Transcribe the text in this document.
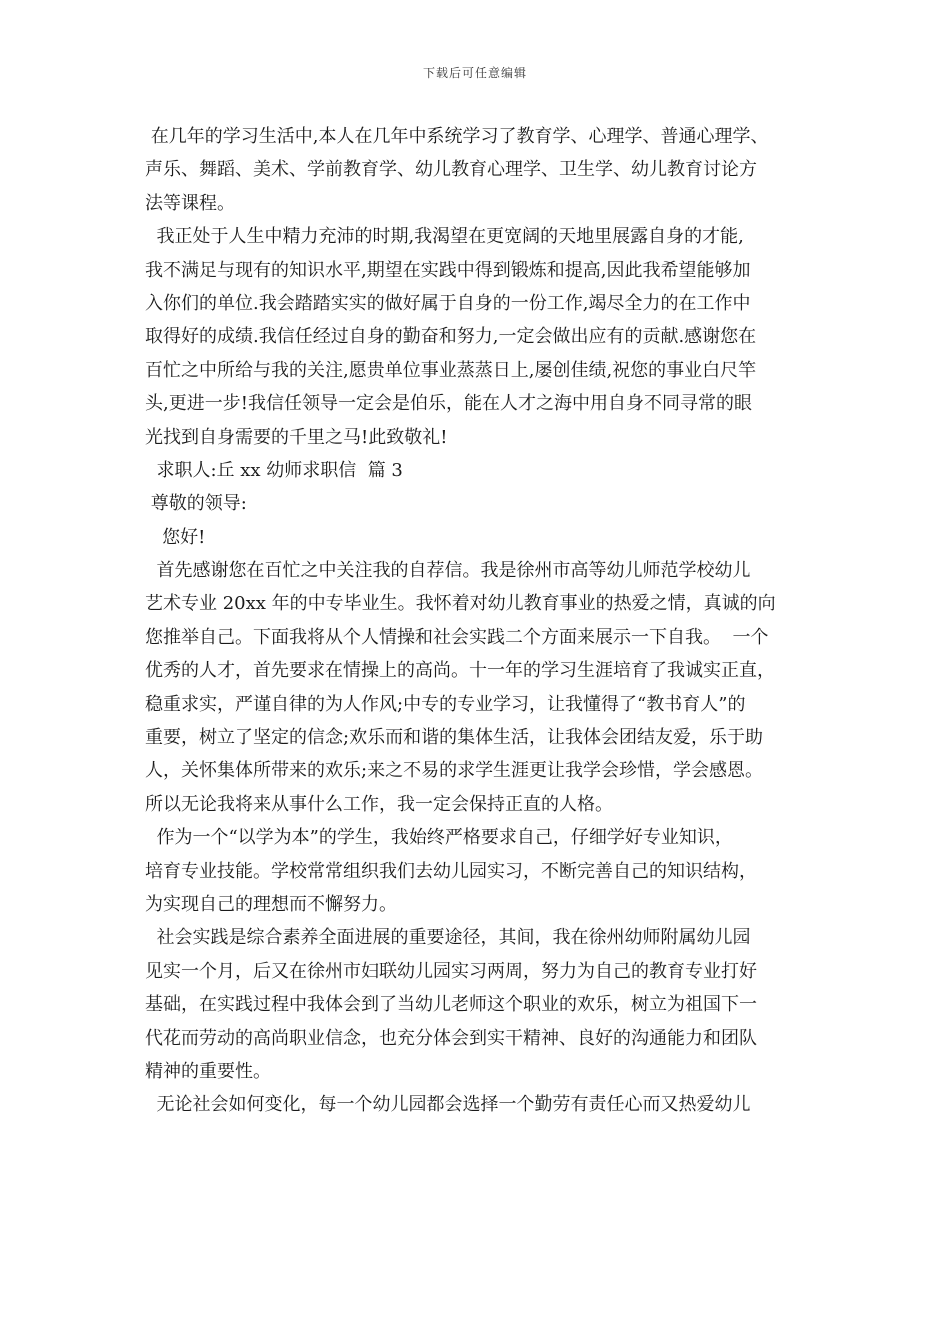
下载后可任意编辑
在几年的学习生活中,本人在几年中系统学习了教育学、心理学、普通心理学、
声乐、舞蹈、美术、学前教育学、幼儿教育心理学、卫生学、幼儿教育讨论方
法等课程。
我正处于人生中精力充沛的时期,我渴望在更宽阔的天地里展露自身的才能,
我不满足与现有的知识水平,期望在实践中得到锻炼和提高,因此我希望能够加
入你们的单位.我会踏踏实实的做好属于自身的一份工作,竭尽全力的在工作中
取得好的成绩.我信任经过自身的勤奋和努力,一定会做出应有的贡献.感谢您在
百忙之中所给与我的关注,愿贵单位事业蒸蒸日上,屡创佳绩,祝您的事业白尺竿
头,更进一步!我信任领导一定会是伯乐，能在人才之海中用自身不同寻常的眼
光找到自身需要的千里之马!此致敬礼!
求职人:丘 xx 幼师求职信  篇 3
尊敬的领导:
您好!
首先感谢您在百忙之中关注我的自荐信。我是徐州市高等幼儿师范学校幼儿
艺术专业 20xx 年的中专毕业生。我怀着对幼儿教育事业的热爱之情，真诚的向
您推举自己。下面我将从个人情操和社会实践二个方面来展示一下自我。  一个
优秀的人才，首先要求在情操上的高尚。十一年的学习生涯培育了我诚实正直，
稳重求实，严谨自律的为人作风;中专的专业学习，让我懂得了“教书育人”的
重要，树立了坚定的信念;欢乐而和谐的集体生活，让我体会团结友爱，乐于助
人，关怀集体所带来的欢乐;来之不易的求学生涯更让我学会珍惜，学会感恩。
所以无论我将来从事什么工作，我一定会保持正直的人格。
作为一个“以学为本”的学生，我始终严格要求自己，仔细学好专业知识，
培育专业技能。学校常常组织我们去幼儿园实习，不断完善自己的知识结构，
为实现自己的理想而不懈努力。
社会实践是综合素养全面进展的重要途径，其间，我在徐州幼师附属幼儿园
见实一个月，后又在徐州市妇联幼儿园实习两周，努力为自己的教育专业打好
基础，在实践过程中我体会到了当幼儿老师这个职业的欢乐，树立为祖国下一
代花而劳动的高尚职业信念，也充分体会到实干精神、良好的沟通能力和团队
精神的重要性。
无论社会如何变化，每一个幼儿园都会选择一个勤劳有责任心而又热爱幼儿
